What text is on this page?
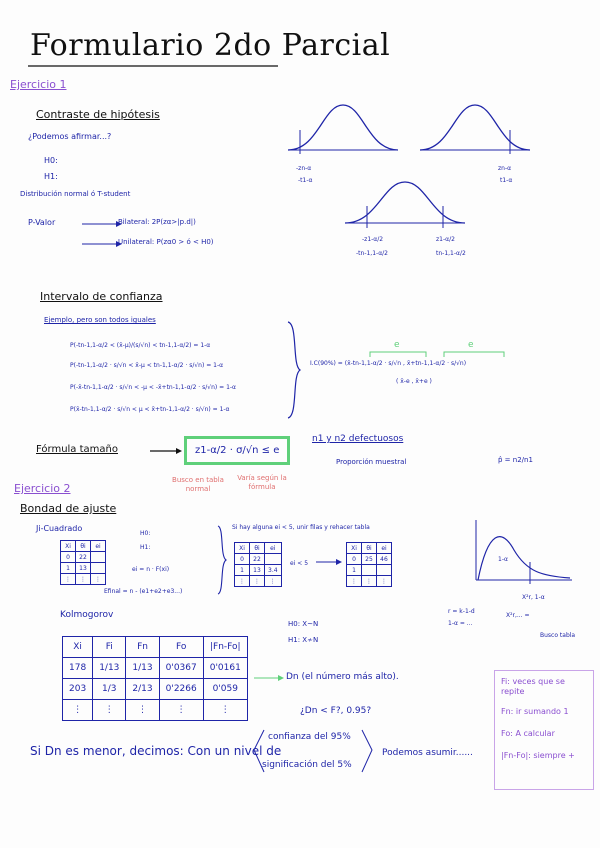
Formulario 2do Parcial
Ejercicio 1
Contraste de hipótesis
¿Podemos afirmar...?
H0:
H1:
Distribución normal ó T-student
P-Valor	Bilateral: 2P(zα>|p.d|)
Unilateral: P(zα0 > ó < H0)
-zn-α
-t1-α
zn-α
t1-α
-z1-α/2
-tn-1,1-α/2
z1-α/2
tn-1,1-α/2
Intervalo de confianza
Ejemplo, pero son todos iguales
P(-tn-1,1-α/2 < (x̄-μ)/(s/√n) < tn-1,1-α/2) = 1-α
P(-tn-1,1-α/2 · s/√n < x̄-μ < tn-1,1-α/2 · s/√n) = 1-α
P(-x̄-tn-1,1-α/2 · s/√n < -μ < -x̄+tn-1,1-α/2 · s/√n) = 1-α
P(x̄-tn-1,1-α/2 · s/√n < μ < x̄+tn-1,1-α/2 · s/√n) = 1-α
I.C(90%) = (x̄-tn-1,1-α/2 · s/√n , x̄+tn-1,1-α/2 · s/√n)
( x̄-e , x̄+e )
e	e
Fórmula tamaño	z1-α/2 · σ/√n ≤ e
Busco en tabla normal
Varía según la fórmula
n1 y n2 defectuosos
Proporción muestral	p̂ = n2/n1
Ejercicio 2
Bondad de ajuste
Ji-Cuadrado
H0:
H1:
Xi	θi	ei
0	22	
1	13	
⋮	⋮	⋮
ei = n · F(xi)
Efinal = n - (e1+e2+e3...)
Si hay alguna ei < 5, unir filas y rehacer tabla
Xi	θi	ei
0	22	
1	13	3.4
⋮	⋮	⋮
ei < 5
Xi	θi	ei
0	25	46
1		
⋮	⋮	⋮
1-α
X²r, 1-α
r = k-1-d
1-α = ...
X²r,... =
Busco tabla
Kolmogorov
H0: X~N
H1: X≁N
Xi	Fi	Fn	Fo	|Fn-Fo|
178	1/13	1/13	0'0367	0'0161
203	1/3	2/13	0'2266	0'059
⋮	⋮	⋮	⋮	⋮
Dn (el número más alto).
¿Dn < F?, 0.95?
Si Dn es menor, decimos: Con un nivel de
confianza del 95%
significación del 5%
Podemos asumir......
Fi: veces que se repite
Fn: ir sumando 1
Fo: A calcular
|Fn-Fo|: siempre +
